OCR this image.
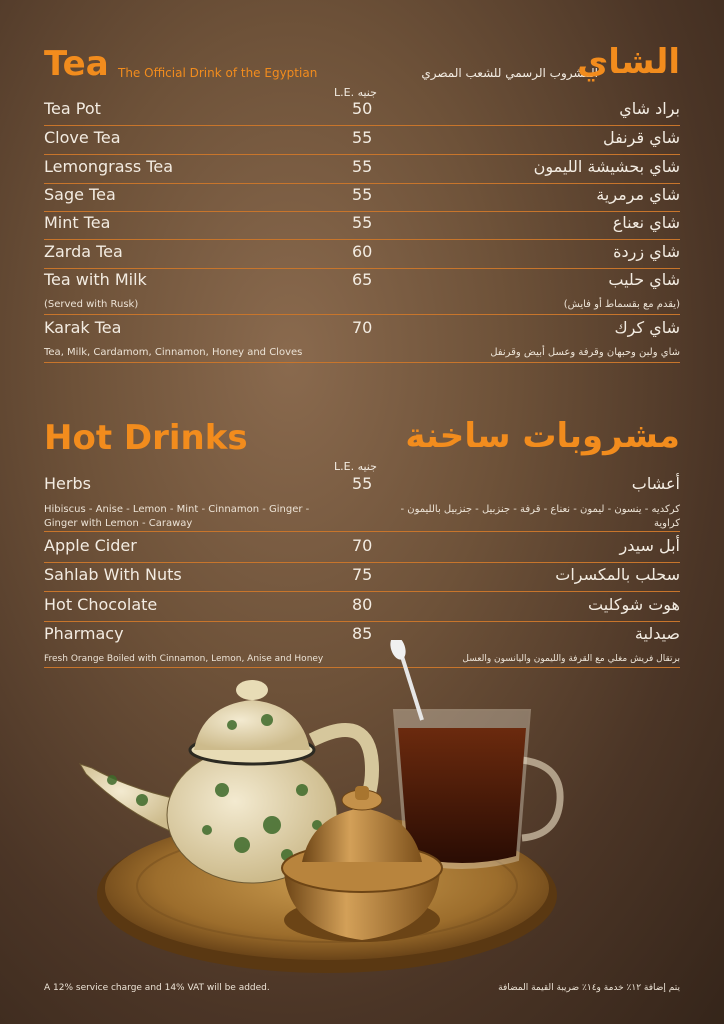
Tea The Official Drink of the Egyptian	المشروب الرسمي للشعب المصري
الشاي
L.E. جنيه
Tea Pot	50	براد شاي
Clove Tea	55	شاي قرنفل
Lemongrass Tea	55	شاي بحشيشة الليمون
Sage Tea	55	شاي مرمرية
Mint Tea	55	شاي نعناع
Zarda Tea	60	شاي زردة
Tea with Milk	65	شاي حليب
(Served with Rusk)	(يقدم مع بقسماط أو فايش)
Karak Tea	70	شاي كرك
Tea, Milk, Cardamom, Cinnamon, Honey and Cloves	شاي ولبن وحبهان وقرفة وعسل أبيض وقرنفل
Hot Drinks	مشروبات ساخنة
L.E. جنيه
Herbs	55	أعشاب
Hibiscus - Anise - Lemon - Mint - Cinnamon - Ginger - Ginger with Lemon - Caraway
كركديه - ينسون - ليمون - نعناع - قرفة - جنزبيل - جنزبيل بالليمون - كراوية
Apple Cider	70	أبل سيدر
Sahlab With Nuts	75	سحلب بالمكسرات
Hot Chocolate	80	هوت شوكليت
Pharmacy	85	صيدلية
Fresh Orange Boiled with Cinnamon, Lemon, Anise and Honey	برتقال فريش مغلي مع القرفة والليمون واليانسون والعسل
A 12% service charge and 14% VAT will be added.	يتم إضافة ١٢٪ خدمة و١٤٪ ضريبة القيمة المضافة
